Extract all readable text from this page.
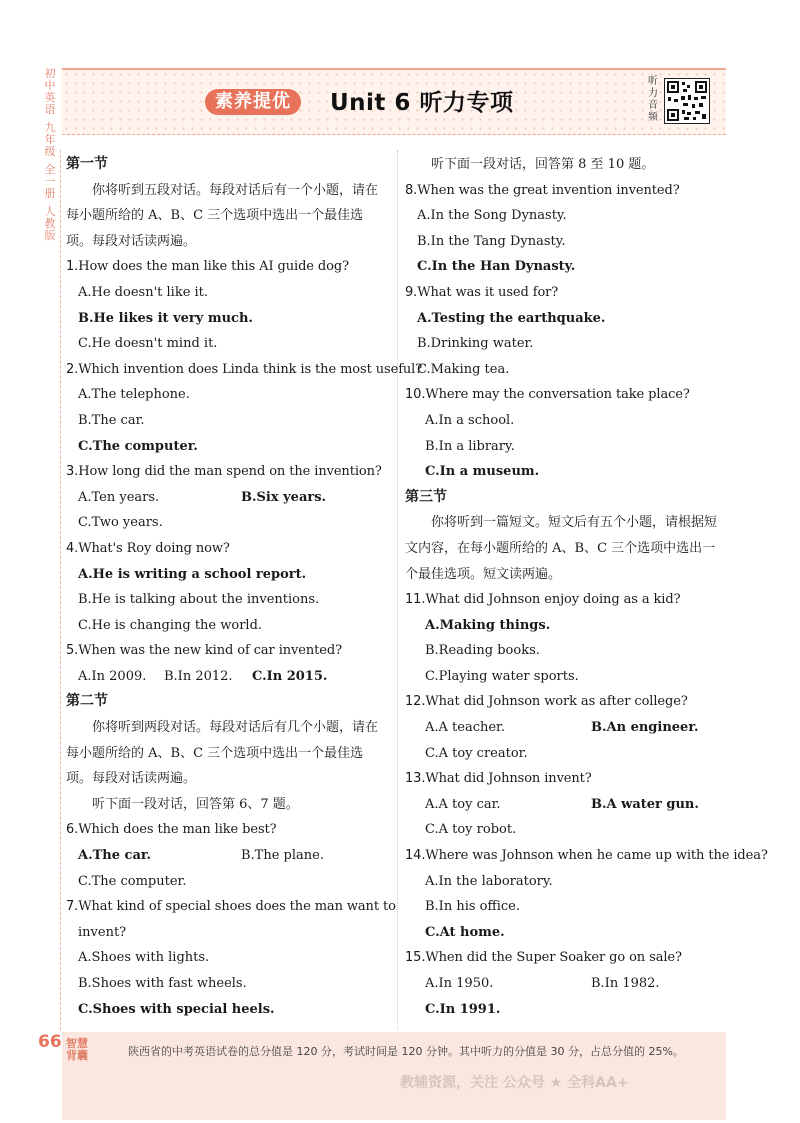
素养提优	Unit 6 听力专项
听力音频
初中英语
九年级
全一册
人教版
第一节
你将听到五段对话。每段对话后有一个小题，请在每小题所给的 A、B、C 三个选项中选出一个最佳选项。每段对话读两遍。
1.How does the man like this AI guide dog?
A.He doesn't like it.
B.He likes it very much.
C.He doesn't mind it.
2.Which invention does Linda think is the most useful?
A.The telephone.
B.The car.
C.The computer.
3.How long did the man spend on the invention?
A.Ten years.	B.Six years.
C.Two years.
4.What's Roy doing now?
A.He is writing a school report.
B.He is talking about the inventions.
C.He is changing the world.
5.When was the new kind of car invented?
A.In 2009. B.In 2012. C.In 2015.
第二节
你将听到两段对话。每段对话后有几个小题，请在每小题所给的 A、B、C 三个选项中选出一个最佳选项。每段对话读两遍。
听下面一段对话，回答第 6、7 题。
6.Which does the man like best?
A.The car.	B.The plane.
C.The computer.
7.What kind of special shoes does the man want to
invent?
A.Shoes with lights.
B.Shoes with fast wheels.
C.Shoes with special heels.
听下面一段对话，回答第 8 至 10 题。
8.When was the great invention invented?
A.In the Song Dynasty.
B.In the Tang Dynasty.
C.In the Han Dynasty.
9.What was it used for?
A.Testing the earthquake.
B.Drinking water.
C.Making tea.
10.Where may the conversation take place?
A.In a school.
B.In a library.
C.In a museum.
第三节
你将听到一篇短文。短文后有五个小题，请根据短文内容，在每小题所给的 A、B、C 三个选项中选出一个最佳选项。短文读两遍。
11.What did Johnson enjoy doing as a kid?
A.Making things.
B.Reading books.
C.Playing water sports.
12.What did Johnson work as after college?
A.A teacher.	B.An engineer.
C.A toy creator.
13.What did Johnson invent?
A.A toy car.	B.A water gun.
C.A toy robot.
14.Where was Johnson when he came up with the idea?
A.In the laboratory.
B.In his office.
C.At home.
15.When did the Super Soaker go on sale?
A.In 1950.	B.In 1982.
C.In 1991.
66 智慧背囊	陕西省的中考英语试卷的总分值是 120 分，考试时间是 120 分钟。其中听力的分值是 30 分，占总分值的 25%。
教辅资源，关注 公众号 ★ 全科AA+
